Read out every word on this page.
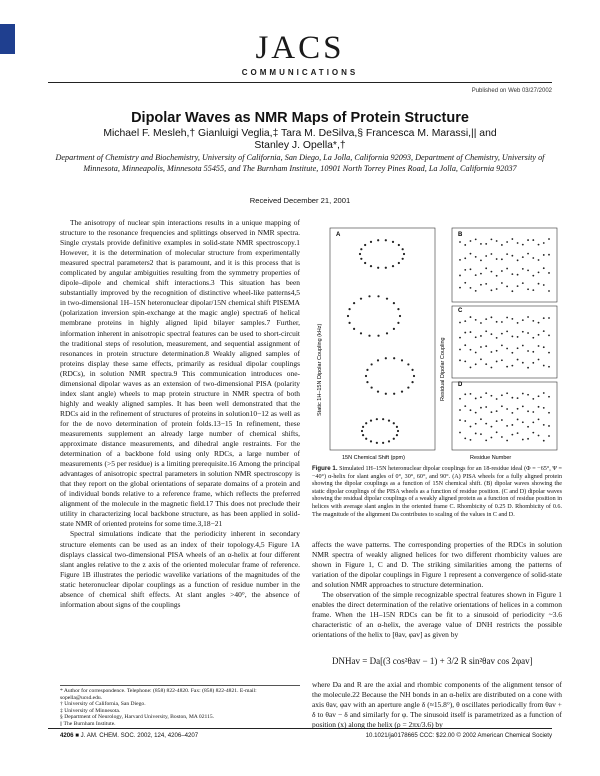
JACS
COMMUNICATIONS
Published on Web 03/27/2002
Dipolar Waves as NMR Maps of Protein Structure
Michael F. Mesleh,† Gianluigi Veglia,‡ Tara M. DeSilva,§ Francesca M. Marassi,|| and
Stanley J. Opella*,†
Department of Chemistry and Biochemistry, University of California, San Diego, La Jolla, California 92093, Department of Chemistry, University of Minnesota, Minneapolis, Minnesota 55455, and The Burnham Institute, 10901 North Torrey Pines Road, La Jolla, California 92037
Received December 21, 2001

The anisotropy of nuclear spin interactions results in a unique mapping of structure to the resonance frequencies and splittings observed in NMR spectra. Single crystals provide definitive examples in solid-state NMR spectroscopy.1 However, it is the determination of molecular structure from experimentally measured spectral parameters2 that is paramount, and it is this process that is complicated by angular ambiguities resulting from the symmetry properties of dipole–dipole and chemical shift interactions.3 This situation has been substantially improved by the recognition of distinctive wheel-like patterns4,5 in two-dimensional 1H–15N heteronuclear dipolar/15N chemical shift PISEMA (polarization inversion spin-exchange at the magic angle) spectra6 of helical membrane proteins in highly aligned lipid bilayer samples.7 Further, information inherent in anisotropic spectral features can be used to short-circuit the traditional steps of resolution, measurement, and sequential assignment of resonances in protein structure determination.8 Weakly aligned samples of proteins display these same effects, primarily as residual dipolar couplings (RDCs), in solution NMR spectra.9 This communication introduces one-dimensional dipolar waves as an extension of two-dimensional PISA (polarity index slant angle) wheels to map protein structure in NMR spectra of both highly and weakly aligned samples. It has been well demonstrated that the RDCs aid in the refinement of structures of proteins in solution10−12 as well as for the de novo determination of protein folds.13−15 In refinement, these measurements supplement an already large number of chemical shifts, approximate distance measurements, and dihedral angle restraints. For the determination of a backbone fold using only RDCs, a large number of measurements (>5 per residue) is a limiting prerequisite.16 Among the principal advantages of anisotropic spectral parameters in solution NMR spectroscopy is that they report on the global orientations of separate domains of a protein and of individual bonds relative to a reference frame, which reflects the preferred alignment of the molecule in the magnetic field.17 This does not preclude their utility in characterizing local backbone structure, as has been applied in solid-state NMR of oriented proteins for some time.3,18−21

Spectral simulations indicate that the periodicity inherent in secondary structure elements can be used as an index of their topology.4,5 Figure 1A displays classical two-dimensional PISA wheels of an α-helix at four different slant angles relative to the z axis of the oriented molecular frame of reference. Figure 1B illustrates the periodic wavelike variations of the magnitudes of the static heteronuclear dipolar couplings as a function of residue number in the absence of chemical shift effects. At slant angles >40°, the absence of information about signs of the couplings

* Author for correspondence. Telephone: (858) 822-4820. Fax: (858) 822-4821. E-mail: sopella@ucsd.edu.

† University of California, San Diego.

‡ University of Minnesota.

§ Department of Neurology, Harvard University, Boston, MA 02115.

|| The Burnham Institute.

Static 1H–15N Dipolar Coupling (kHz)	Residual Dipolar Coupling
15N Chemical Shift (ppm)	Residue Number
A	B
C
D
Figure 1. Simulated 1H–15N heteronuclear dipolar couplings for an 18-residue ideal (Φ = −65°, Ψ = −40°) α-helix for slant angles of 0°, 30°, 60°, and 90°. (A) PISA wheels for a fully aligned protein showing the dipolar couplings as a function of 15N chemical shift. (B) dipolar waves showing the static dipolar couplings of the PISA wheels as a function of residue position. (C and D) dipolar waves showing the residual dipolar couplings of a weakly aligned protein as a function of residue position in helices with average slant angles in the oriented frame C. Rhombicity of 0.25 D. Rhombicity of 0.6. The magnitude of the alignment Da contributes to scaling of the values in C and D.

affects the wave patterns. The corresponding properties of the RDCs in solution NMR spectra of weakly aligned helices for two different rhombicity values are shown in Figure 1, C and D. The striking similarities among the patterns of variation of the dipolar couplings in Figure 1 represent a convergence of solid-state and solution NMR approaches to structure determination.

The observation of the simple recognizable spectral features shown in Figure 1 enables the direct determination of the relative orientations of helices in a common frame. When the 1H–15N RDCs can be fit to a sinusoid of periodicity ~3.6 characteristic of an α-helix, the average value of DNH restricts the possible orientations of the helix to [θav, φav] as given by

DNHav = Da[(3 cos²θav − 1) + 3/2 R sin²θav cos 2φav]

where Da and R are the axial and rhombic components of the alignment tensor of the molecule.22 Because the NH bonds in an α-helix are distributed on a cone with axis θav, φav with an aperture angle δ (≈15.8°), θ oscillates periodically from θav + δ to θav − δ and similarly for φ. The sinusoid itself is parametrized as a function of position (x) along the helix (ρ = 2πx/3.6) by

4206 ■ J. AM. CHEM. SOC. 2002, 124, 4206–4207	10.1021/ja0178665 CCC: $22.00 © 2002 American Chemical Society
